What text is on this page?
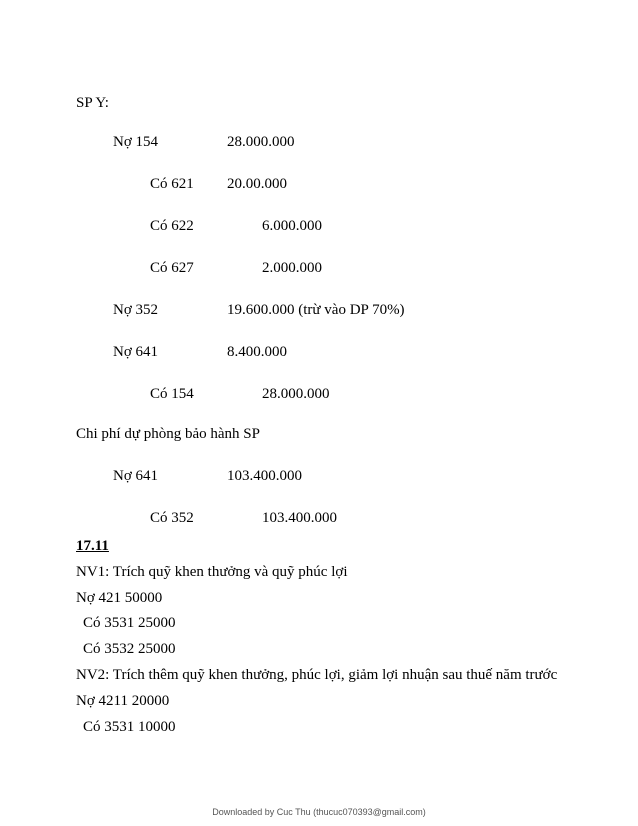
SP Y:
Nợ 154	28.000.000
Có 621 20.00.000
Có 622	6.000.000
Có 627	2.000.000
Nợ 352	19.600.000 (trừ vào DP 70%)
Nợ 641	8.400.000
Có 154	28.000.000
Chi phí dự phòng bảo hành SP
Nợ 641	103.400.000
Có 352	103.400.000
17.11
NV1: Trích quỹ khen thưởng và quỹ phúc lợi
Nợ 421 50000
Có 3531 25000
Có 3532 25000
NV2: Trích thêm quỹ khen thưởng, phúc lợi, giảm lợi nhuận sau thuế năm trước
Nợ 4211 20000
Có 3531 10000
Downloaded by Cuc Thu (thucuc070393@gmail.com)
